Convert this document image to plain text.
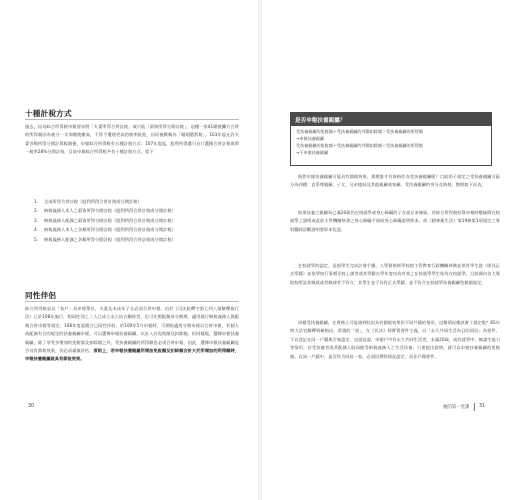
十種計稅方式
過去，因為綜合所得稅申報要求將「夫妻所得合併計稅」或只能「薪資所得分開計稅」，這種一家41總後攤方合併的所得額因為被分一半加總後繳高，不得不遭理更高的稅率級距，因而被戲稱為「婚姻懲罰稅」。103年起允許夫妻各類所得分開計算稅額後，申報綜合所得稅有五種計稅方式；107年度起，股利所得選可自行選擇合併計稅或單一稅率28%分開計稅，目前申報綜合所得稅共有十種計稅方式，如下：
1.	全部所得合併計稅（股利所得合併計稅或分開計稅）
2.	納稅義務人本人之薪資所得分開計稅（股利所得合併計稅或分開計稅）
3.	納稅義務人配偶之薪資所得分開計稅（股利所得合併計稅或分開計稅）
4.	納稅義務人本人之各類所得分開計稅（股利所得合併計稅或分開計稅）
5.	納稅義務人配偶之各類所得分開計稅（股利所得合併計稅或分開計稅）
同性伴侶
綜合所得稅是以「家戶」為申報單位，夫妻及未成年子女必須合併申報。由於《司法院釋字第七四八號解釋施行法》已於108年施行，相同性別之二人已成立永久結合關係者，也可比照配偶身分辦理，適用現行納稅義務人與配偶合併申報等規定。108年度起縱合已同性伴侶，於109年5月申報時，可開始適用分開申報以合併申報，若個人或配偶有合的規定的扶養親屬申報，可以選擇申報扶養親屬，以計入其免稅額及扣除額。但同樣地，選擇申報扶養親屬，除了享受多增加的免稅額及扣除額之外，受扶養親屬的所得額也必須合併申報，因此，選擇申報扶養親屬是否具有節稅效果，仍必須審慎評估，原則上，若申報扶養親屬所增加免稅額及扣除額合計大於所增加的所得額時，申報扶養親屬就具有節稅效果。
30
是否申報扶養親屬？
受扶養親屬的免稅額＋受扶養親屬的列舉扣除額＞受扶養親屬的所得額
→申報扶養親屬
受扶養親屬的免稅額＋受扶養親屬的列舉扣除額＜受扶養親屬的所得額
→不申報扶養親屬
既然申報扶養親屬可能具有節稅效果，那麼誰才有資格作為受扶養親屬呢？目前的子規定之受扶養親屬可區分為四種：直系尊親屬、子女、兄弟姐妹及其他親屬或家屬，受扶養親屬的身分及資格，整理如下頁表。
如果扶養之親屬為已滿20歲仍在校就學或身心障礙的子女或兄弟姊妹，於綜合所得稅結算申報時應檢附在校就學之證明或此前主管機關核發之身心障礙手冊或身心障礙證明影本，或《精神衛生法》第19條第1項規定之專科醫師診斷證明書影本佐證。
在校就學的認定，是指學生完成註冊手續，入學資格經學校報主管教育行政機關核備並領有學生證（即具正式學籍）並依學校行事曆至校上課者或其學籍在學年度內為有效之在校就學學生始為在校就學，目前國內各大專院校所設非線就或者修課者不符合，其學生並不具有正式學籍，並不符合在校就學扶養親屬免稅額規定。
同樣受扶養親屬，在實務上可能遇到狀況具有節稅效果但不同戶籍的情形，這類情況應該會子規定呢？85年時大法官解釋明確指出，所謂的「家」，在《民法》採實質要件主義，以「永久共同生活為目的同居」為要件，不以登記在同一戶籍與否來認定，也就是說，申報戶中有永久共同生活者，未滿20歲，或有就學中、無謀生能力等情形，若受扶養者或其配偶人肢同擔受納稅義務人之生活扶養，只要提出證明，就可以申報扶養親屬的免稅額。在同一戶籍中，是否符合同居一家，必須因實際情況認定，而非戶籍要件。
稅的第一堂課 31
